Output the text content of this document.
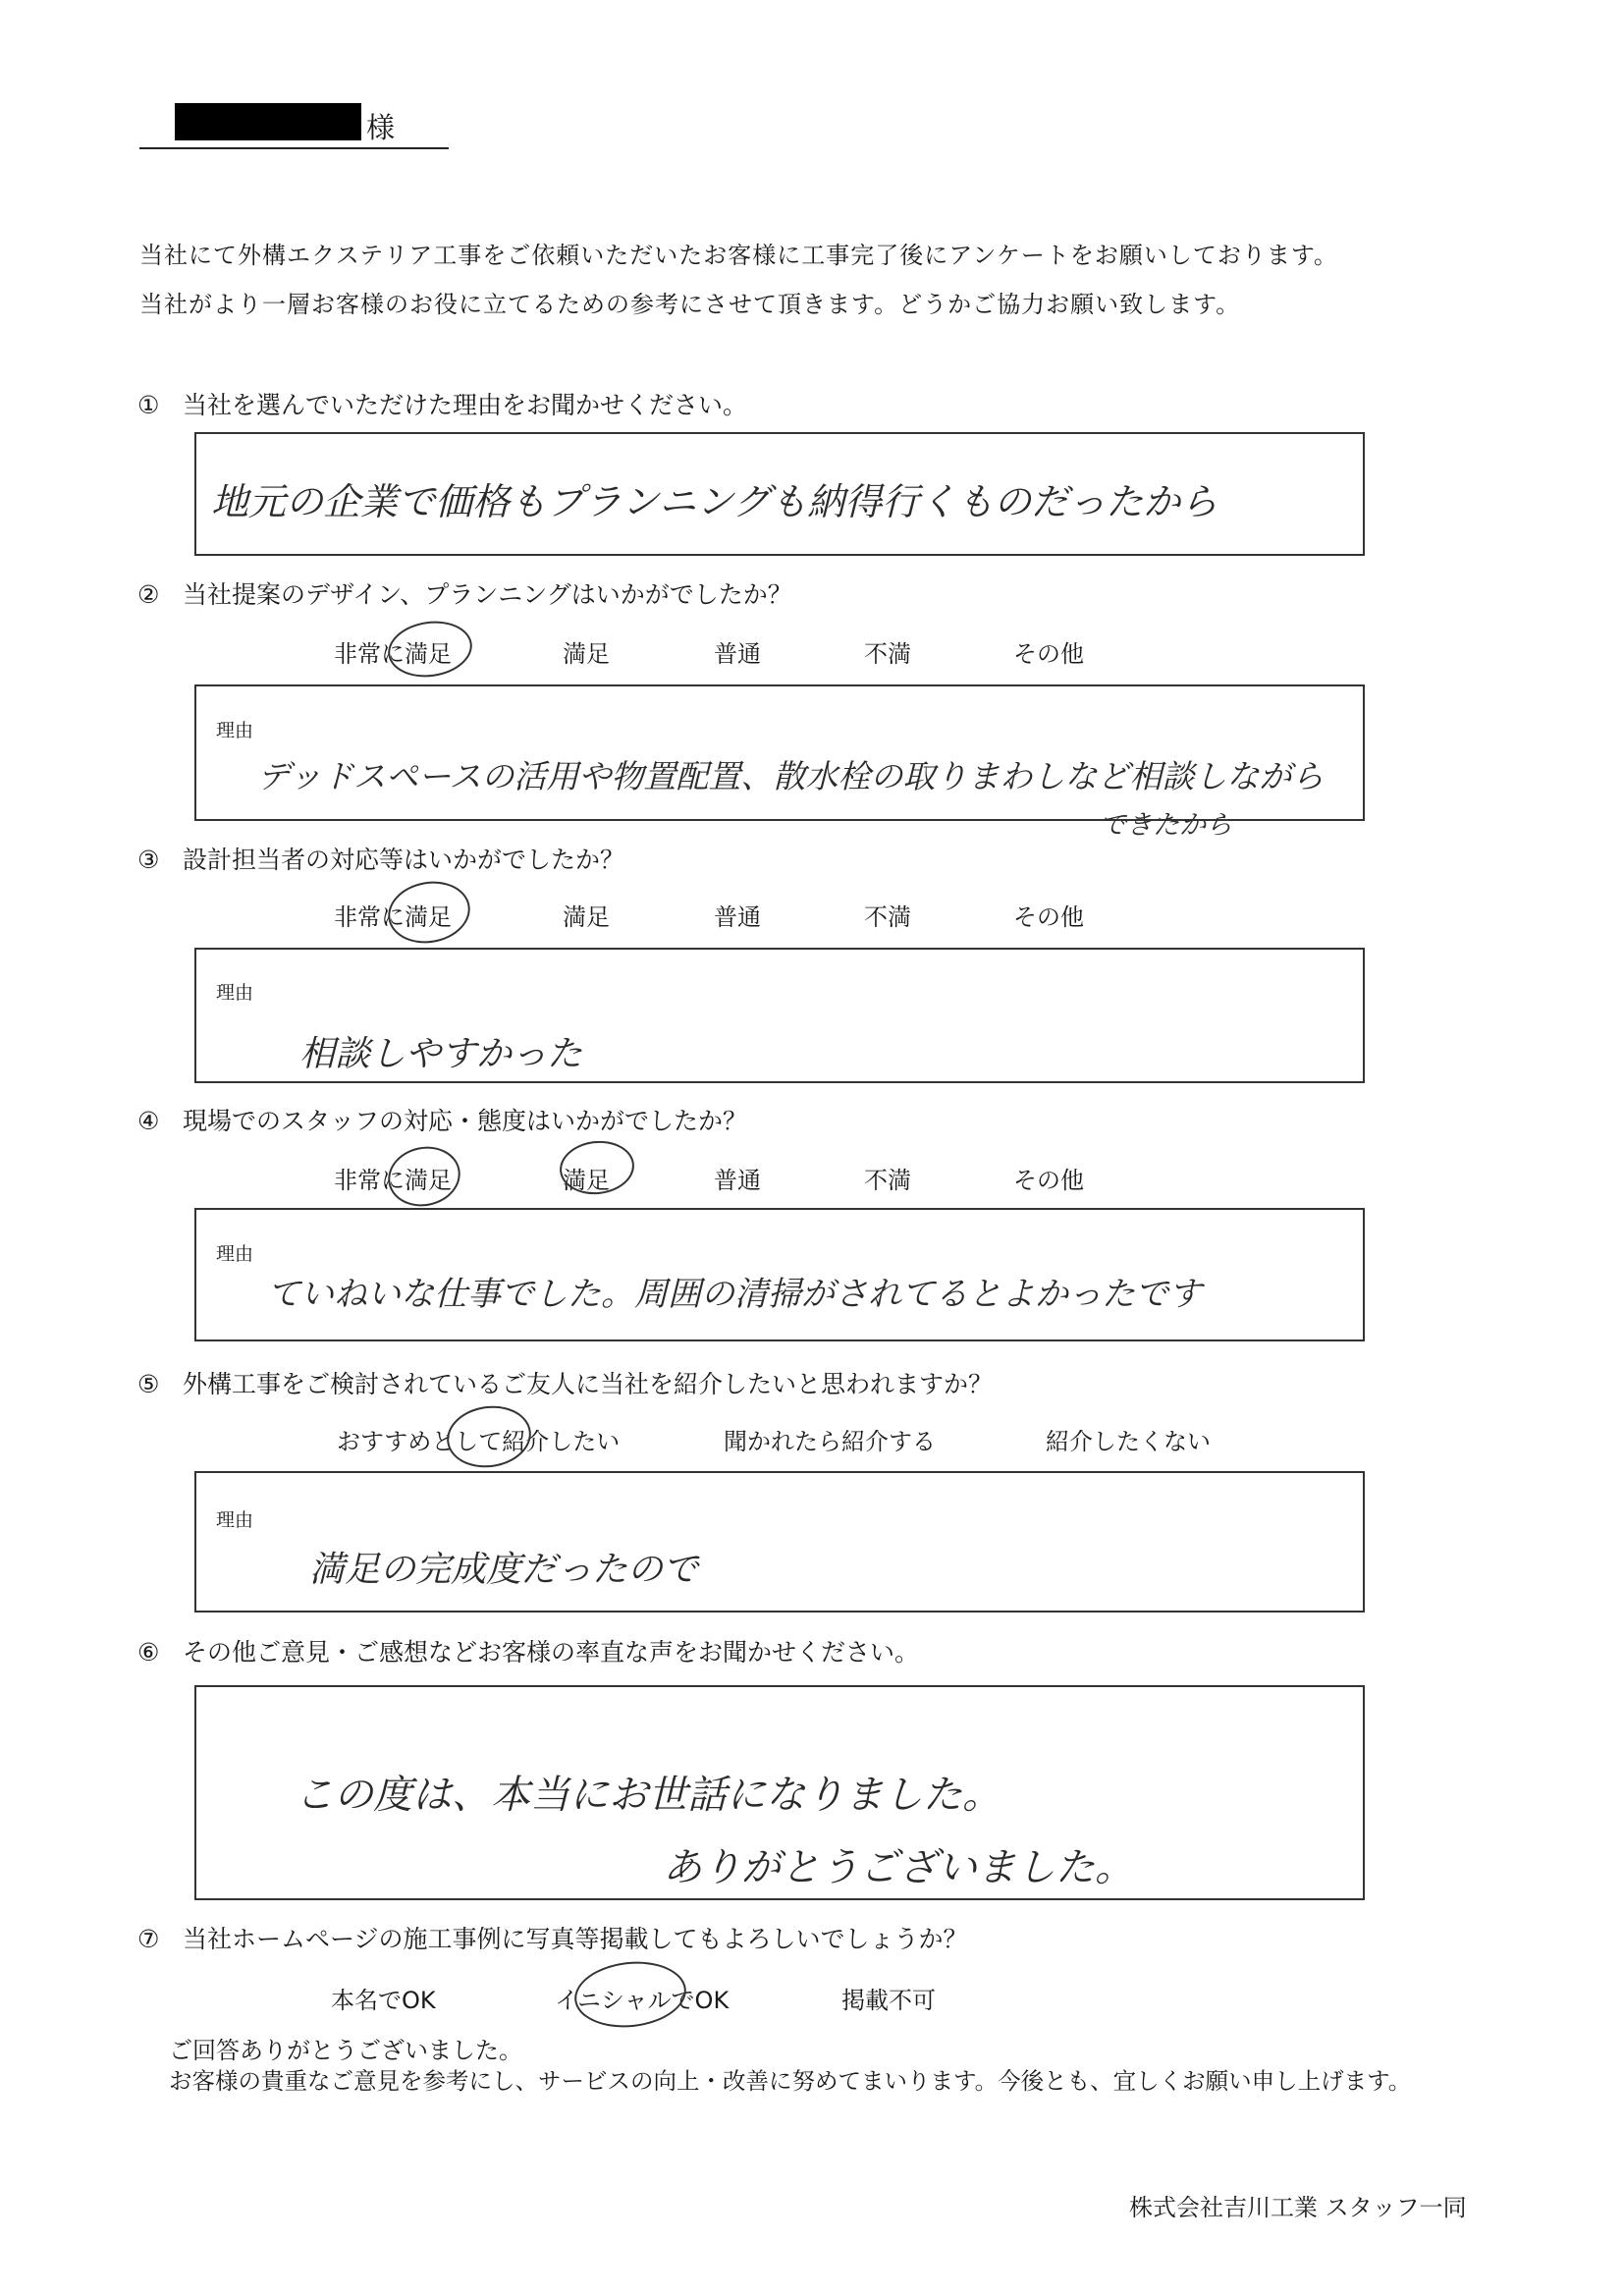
様
当社にて外構エクステリア工事をご依頼いただいたお客様に工事完了後にアンケートをお願いしております。
当社がより一層お客様のお役に立てるための参考にさせて頂きます。どうかご協力お願い致します。
① 当社を選んでいただけた理由をお聞かせください。
地元の企業で価格もプランニングも納得行くものだったから
② 当社提案のデザイン、プランニングはいかがでしたか？
非常に満足	満足	普通	不満	その他
理由
デッドスペースの活用や物置配置、散水栓の取りまわしなど相談しながら
できたから
③ 設計担当者の対応等はいかがでしたか？
非常に満足	満足	普通	不満	その他
理由
相談しやすかった
④ 現場でのスタッフの対応・態度はいかがでしたか？
非常に満足	満足	普通	不満	その他
理由
ていねいな仕事でした。周囲の清掃がされてるとよかったです
⑤ 外構工事をご検討されているご友人に当社を紹介したいと思われますか？
おすすめとして紹介したい	聞かれたら紹介する	紹介したくない
理由
満足の完成度だったので
⑥ その他ご意見・ご感想などお客様の率直な声をお聞かせください。
この度は、本当にお世話になりました。
ありがとうございました。
⑦ 当社ホームページの施工事例に写真等掲載してもよろしいでしょうか？
本名でOK	イニシャルでOK	掲載不可
ご回答ありがとうございました。
お客様の貴重なご意見を参考にし、サービスの向上・改善に努めてまいります。今後とも、宜しくお願い申し上げます。
株式会社吉川工業 スタッフ一同
